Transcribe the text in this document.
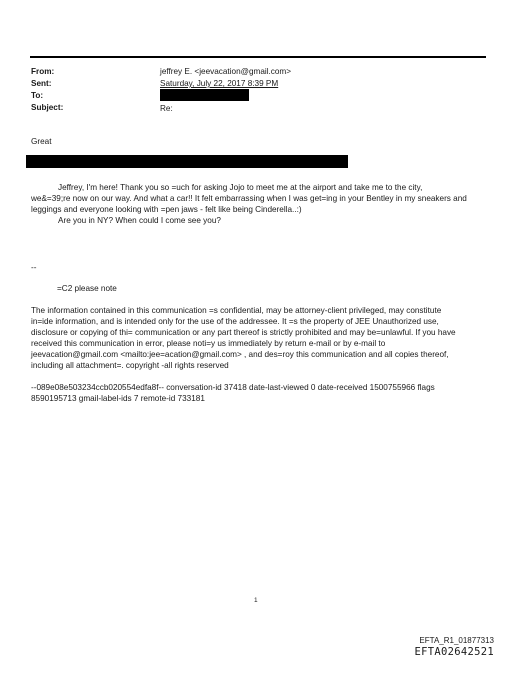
From:	jeffrey E. <jeevacation@gmail.com>
Sent:	Saturday, July 22, 2017 8:39 PM
To:
Subject:	Re:
Great
Jeffrey, I'm here! Thank you so =uch for asking Jojo to meet me at the airport and take me to the city,
we&=39;re now on our way. And what a car!! It felt embarrassing when I was get=ing in your Bentley in my sneakers and
leggings and everyone looking with =pen jaws - felt like being Cinderella..:)
Are you in NY? When could I come see you?
--
=C2 please note
The information contained in this communication =s confidential, may be attorney-client privileged, may constitute
in=ide information, and is intended only for the use of the addressee. It =s the property of JEE Unauthorized use,
disclosure or copying of thi= communication or any part thereof is strictly prohibited and may be=unlawful. If you have
received this communication in error, please noti=y us immediately by return e-mail or by e-mail to
jeevacation@gmail.com <mailto:jee=acation@gmail.com> , and des=roy this communication and all copies thereof,
including all attachment=. copyright -all rights reserved
--089e08e503234ccb020554edfa8f-- conversation-id 37418 date-last-viewed 0 date-received 1500755966 flags
8590195713 gmail-label-ids 7 remote-id 733181
1
EFTA_R1_01877313
EFTA02642521
